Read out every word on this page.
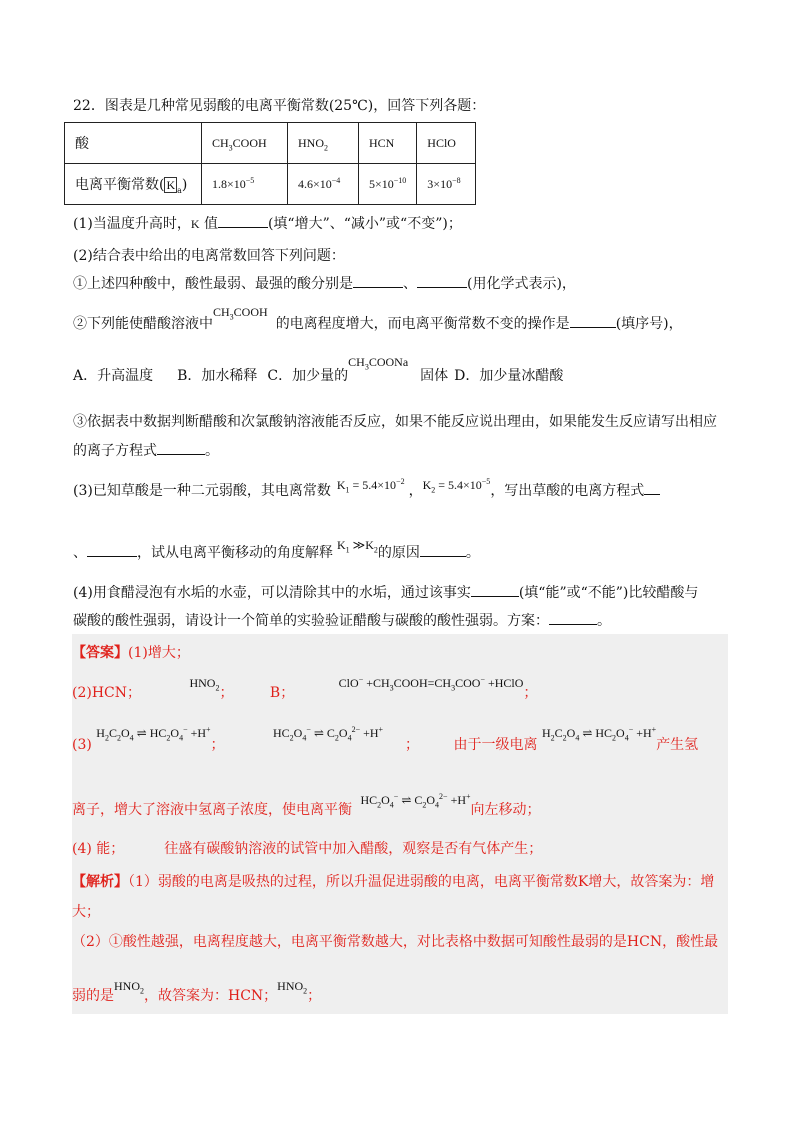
22．图表是几种常见弱酸的电离平衡常数(25℃)，回答下列各题：
酸	$CH_3COOH$	$HNO_2$	HCN	HClO
电离平衡常数( K $_a$)	$1.8\times 10^{-5}$	$4.6\times 10^{-4}$	$5\times 10^{-10}$	$3\times 10^{-8}$
(1)当温度升高时，K 值	(填“增大”、“减小”或“不变”)；
(2)结合表中给出的电离常数回答下列问题：
①上述四种酸中，酸性最弱、最强的酸分别是	、	(用化学式表示)，
②下列能使醋酸溶液中$CH_3COOH$的电离程度增大，而电离平衡常数不变的操作是	(填序号)，
A．升高温度 B．加水稀释 C．加少量的$CH_3COONa$固体 D．加少量冰醋酸
③依据表中数据判断醋酸和次氯酸钠溶液能否反应，如果不能反应说出理由，如果能发生反应请写出相应
的离子方程式	。
(3)已知草酸是一种二元弱酸，其电离常数 $K_1 = 5.4\times 10^{-2}$，$K_2 = 5.4\times 10^{-5}$，写出草酸的电离方程式
、	，试从电离平衡移动的角度解释 $K_1$ $≫K_2$的原因	。
(4)用食醋浸泡有水垢的水壶，可以清除其中的水垢，通过该事实	(填“能”或“不能”)比较醋酸与
碳酸的酸性强弱，请设计一个简单的实验验证醋酸与碳酸的酸性强弱。方案：	。
【答案】(1)增大；
(2)HCN； $HNO_2$；	B； $ClO^- +CH_3COOH=CH_3COO^-$ +HClO；
(3) $H_2C_2O_4$ ⇌ $HC_2O_4^- +H^+$； $HC_2O_4^-$ ⇌ $C_2O_4^{2-} +H^+$； 由于一级电离 $H_2C_2O_4$ ⇌ $HC_2O_4^- +H^+$产生氢
离子，增大了溶液中氢离子浓度，使电离平衡 $HC_2O_4^-$ ⇌ $C_2O_4^{2-} +H^+$向左移动；
(4) 能；	往盛有碳酸钠溶液的试管中加入醋酸，观察是否有气体产生；
【解析】（1）弱酸的电离是吸热的过程，所以升温促进弱酸的电离，电离平衡常数K增大，故答案为：增
大；
（2）①酸性越强，电离程度越大，电离平衡常数越大，对比表格中数据可知酸性最弱的是HCN，酸性最
弱的是$HNO_2$，故答案为：HCN；$HNO_2$；
